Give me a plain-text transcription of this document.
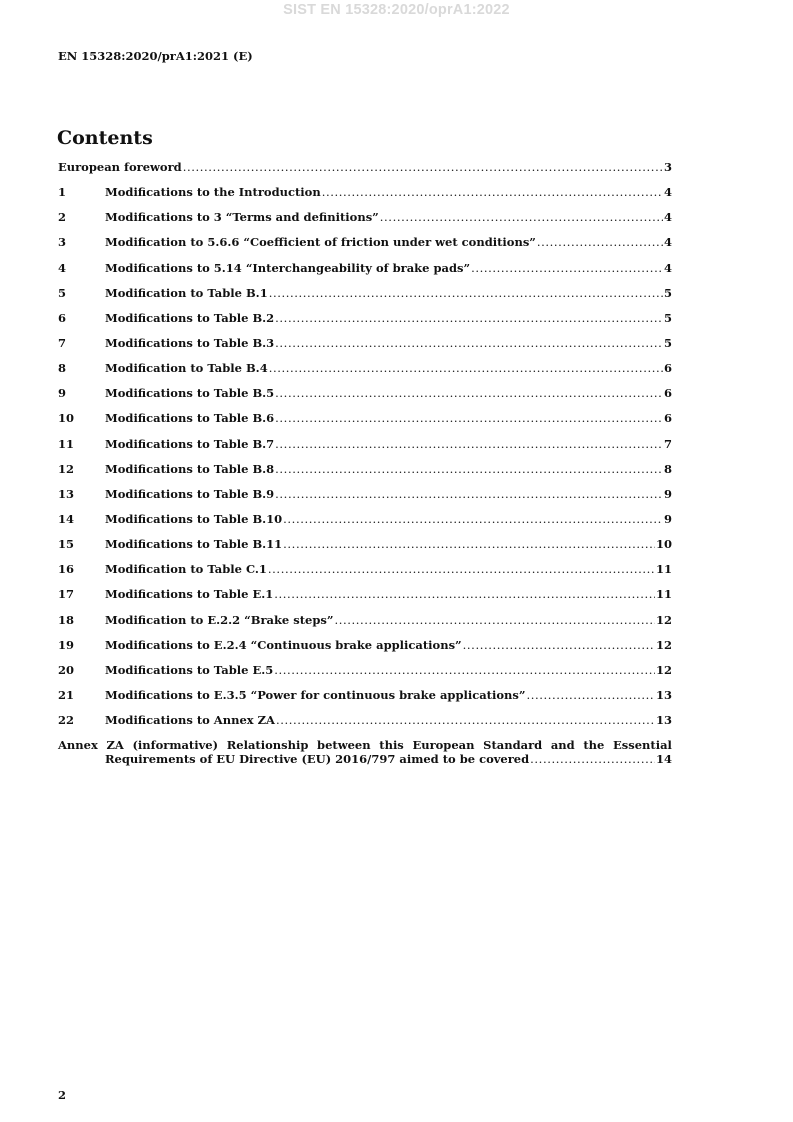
SIST EN 15328:2020/oprA1:2022
EN 15328:2020/prA1:2021 (E)
Contents
European foreword .....	3
1	Modifications to the Introduction .....	4
2	Modifications to 3 “Terms and definitions” .....	4
3	Modification to 5.6.6 “Coefficient of friction under wet conditions” .....	4
4	Modifications to 5.14 “Interchangeability of brake pads” .....	4
5	Modification to Table B.1 .....	5
6	Modifications to Table B.2 .....	5
7	Modifications to Table B.3 .....	5
8	Modification to Table B.4 .....	6
9	Modifications to Table B.5 .....	6
10	Modifications to Table B.6 .....	6
11	Modifications to Table B.7 .....	7
12	Modifications to Table B.8 .....	8
13	Modifications to Table B.9 .....	9
14	Modifications to Table B.10 .....	9
15	Modifications to Table B.11 .....	10
16	Modification to Table C.1 .....	11
17	Modifications to Table E.1 .....	11
18	Modification to E.2.2 “Brake steps” .....	12
19	Modifications to E.2.4 “Continuous brake applications” .....	12
20	Modifications to Table E.5 .....	12
21	Modifications to E.3.5 “Power for continuous brake applications” .....	13
22	Modifications to Annex ZA .....	13
Annex ZA (informative) Relationship between this European Standard and the Essential
Requirements of EU Directive (EU) 2016/797 aimed to be covered .....	14
2
